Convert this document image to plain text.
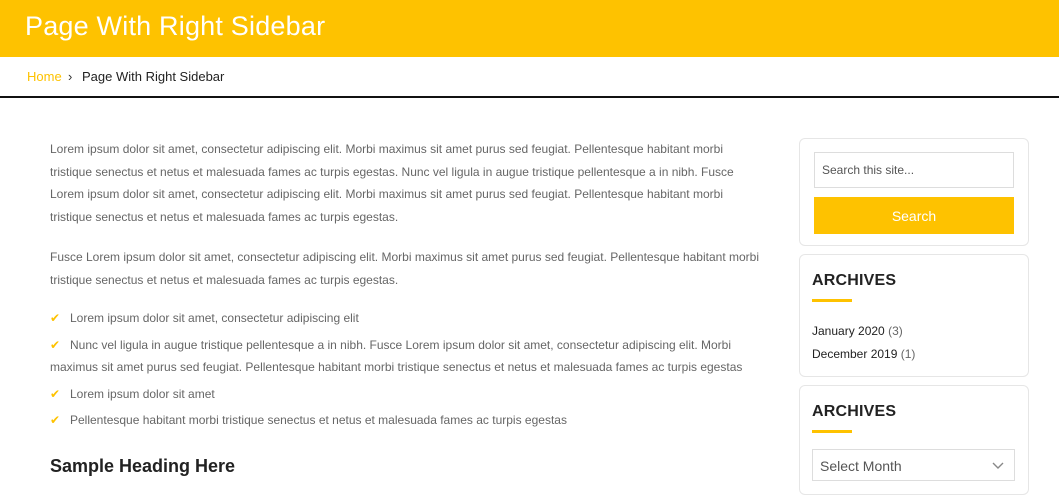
Page With Right Sidebar
Home › Page With Right Sidebar

Lorem ipsum dolor sit amet, consectetur adipiscing elit. Morbi maximus sit amet purus sed feugiat. Pellentesque habitant morbi tristique senectus et netus et malesuada fames ac turpis egestas. Nunc vel ligula in augue tristique pellentesque a in nibh. Fusce Lorem ipsum dolor sit amet, consectetur adipiscing elit. Morbi maximus sit amet purus sed feugiat. Pellentesque habitant morbi tristique senectus et netus et malesuada fames ac turpis egestas.

Fusce Lorem ipsum dolor sit amet, consectetur adipiscing elit. Morbi maximus sit amet purus sed feugiat. Pellentesque habitant morbi tristique senectus et netus et malesuada fames ac turpis egestas.

✔ Lorem ipsum dolor sit amet, consectetur adipiscing elit
✔ Nunc vel ligula in augue tristique pellentesque a in nibh. Fusce Lorem ipsum dolor sit amet, consectetur adipiscing elit. Morbi maximus sit amet purus sed feugiat. Pellentesque habitant morbi tristique senectus et netus et malesuada fames ac turpis egestas
✔ Lorem ipsum dolor sit amet
✔ Pellentesque habitant morbi tristique senectus et netus et malesuada fames ac turpis egestas
Sample Heading Here
Search this site...
Search
ARCHIVES
January 2020 (3)
December 2019 (1)
ARCHIVES
Select Month
